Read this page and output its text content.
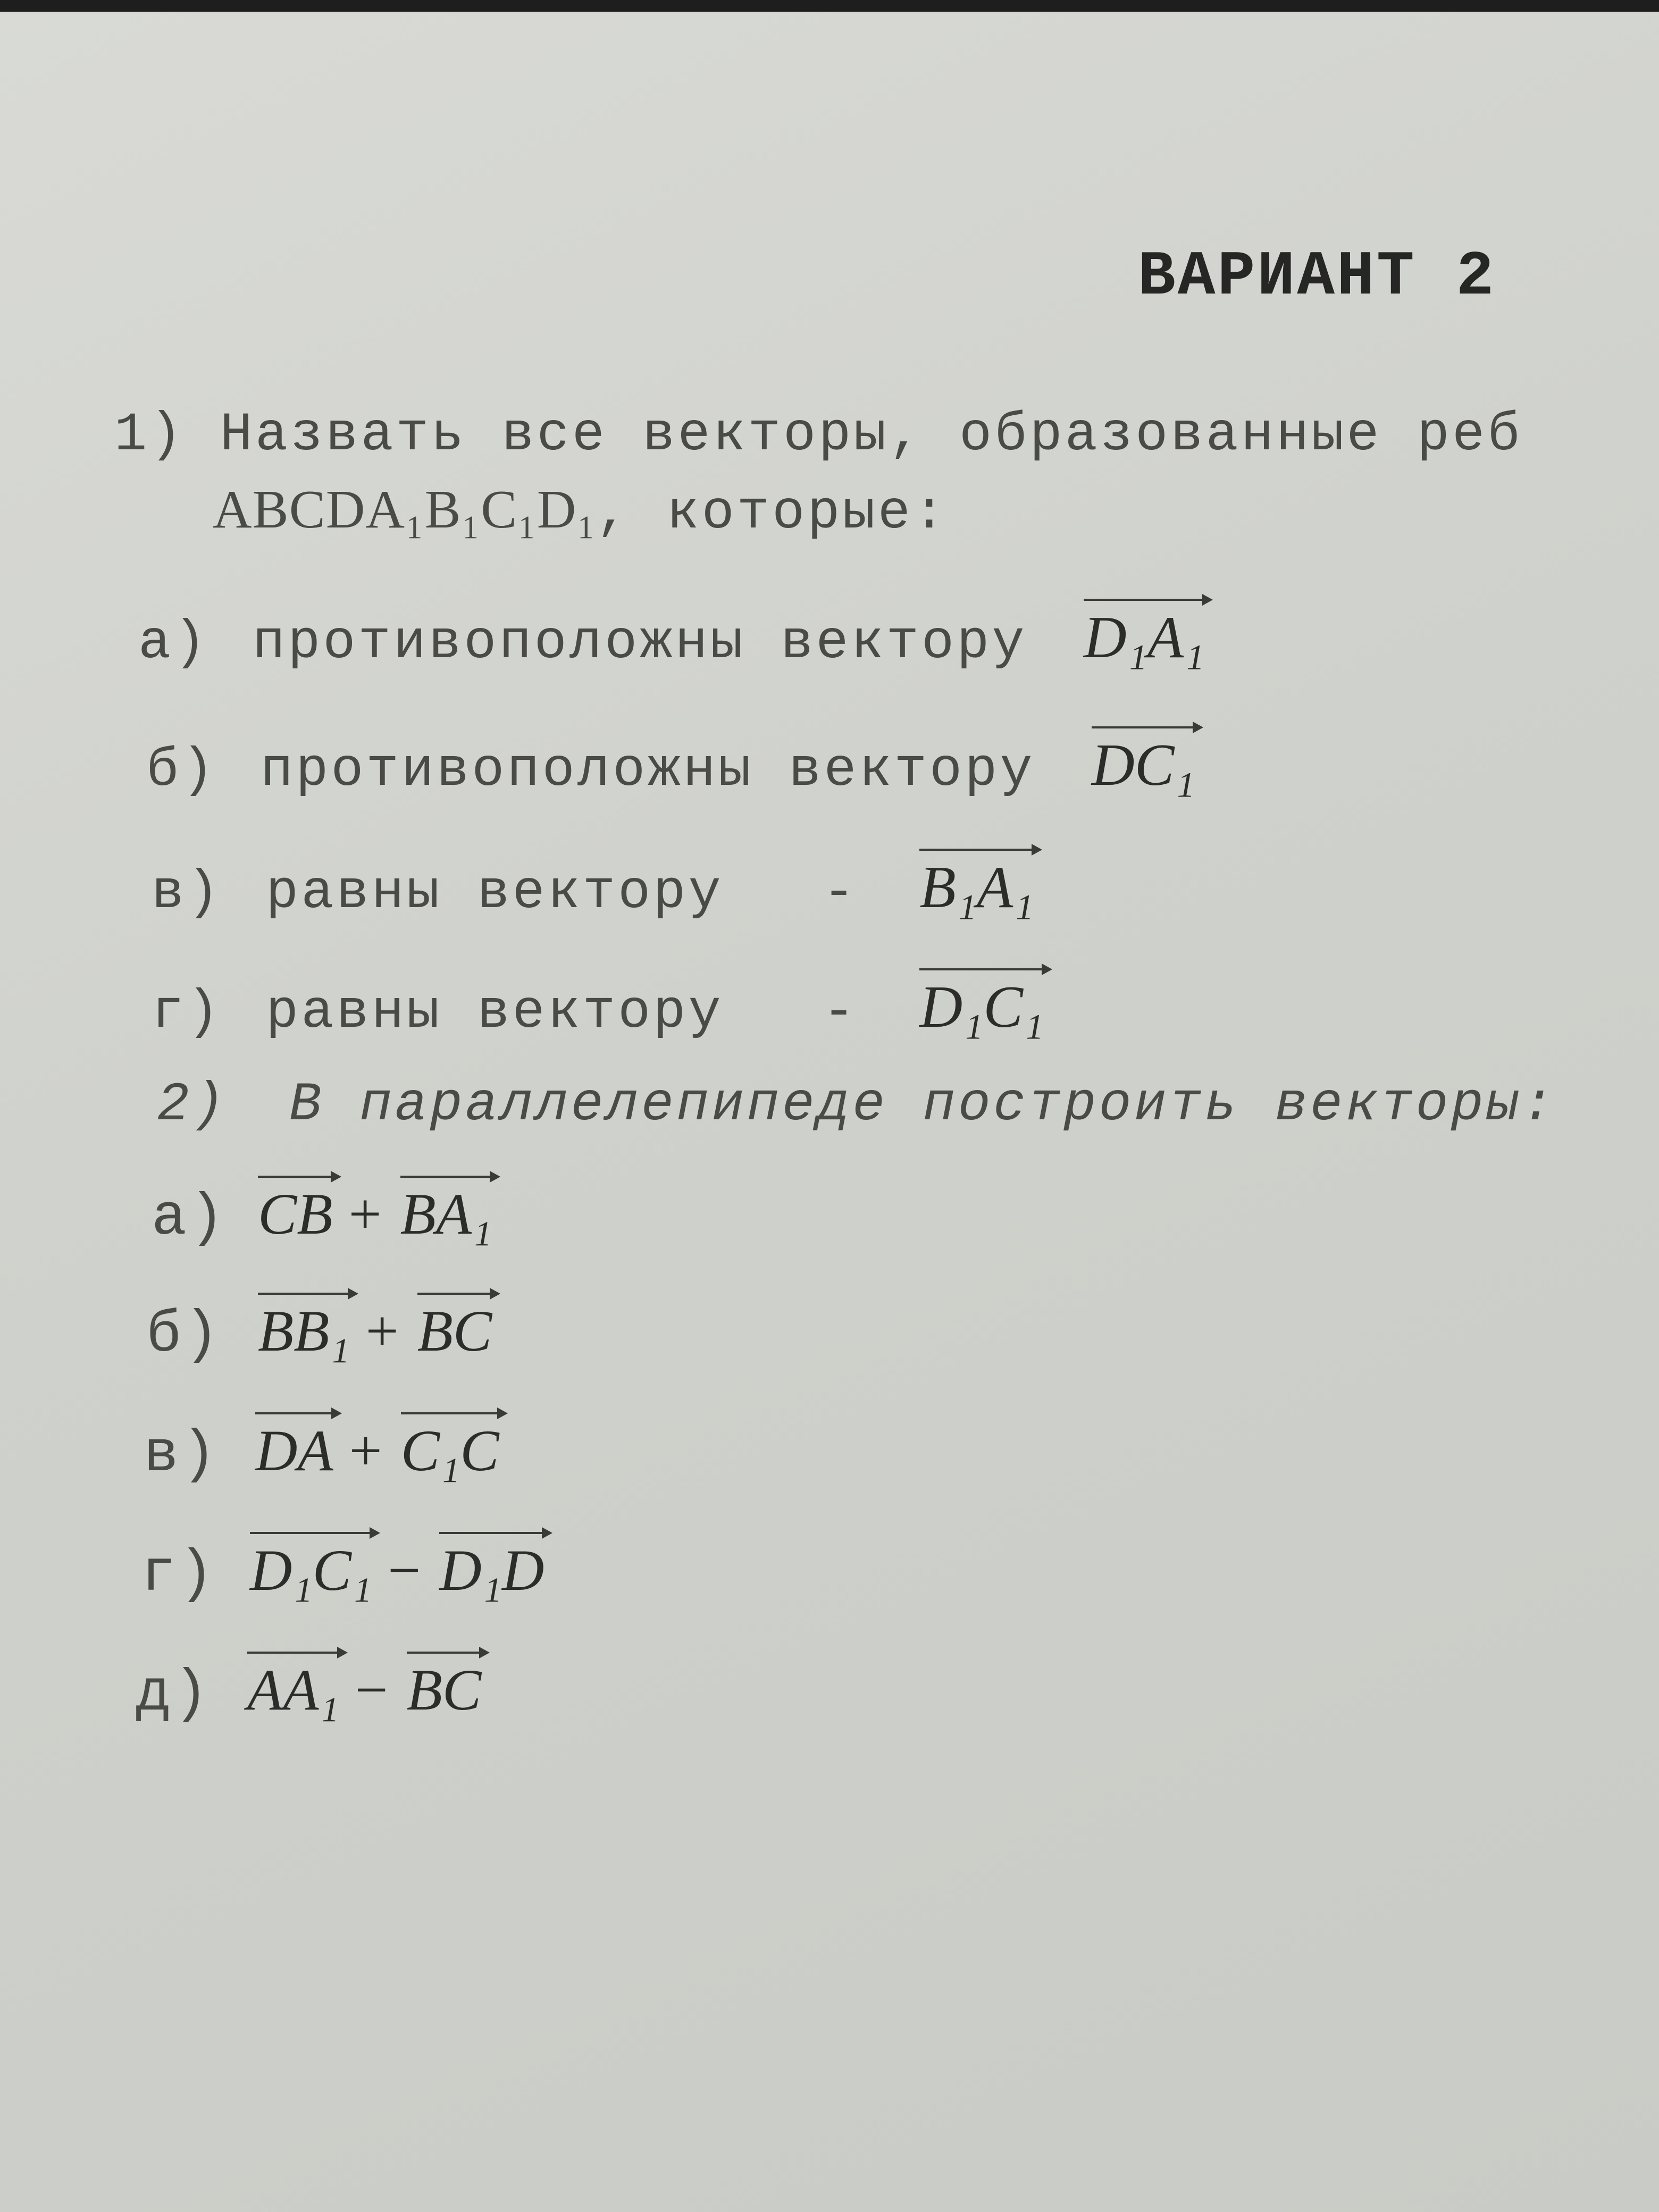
ВАРИАНТ 2
1) Назвать все векторы, образованные реб
ABCDA₁B₁C₁D₁, которые:
а) противоположны вектору D₁A₁
б) противоположны вектору DC₁
в) равны вектору - B₁A₁
г) равны вектору - D₁C₁
2) В параллелепипеде построить векторы:
а) CB + BA₁
б) BB₁ + BC
в) DA + C₁C
г) D₁C₁ − D₁D
д) AA₁ − BC
